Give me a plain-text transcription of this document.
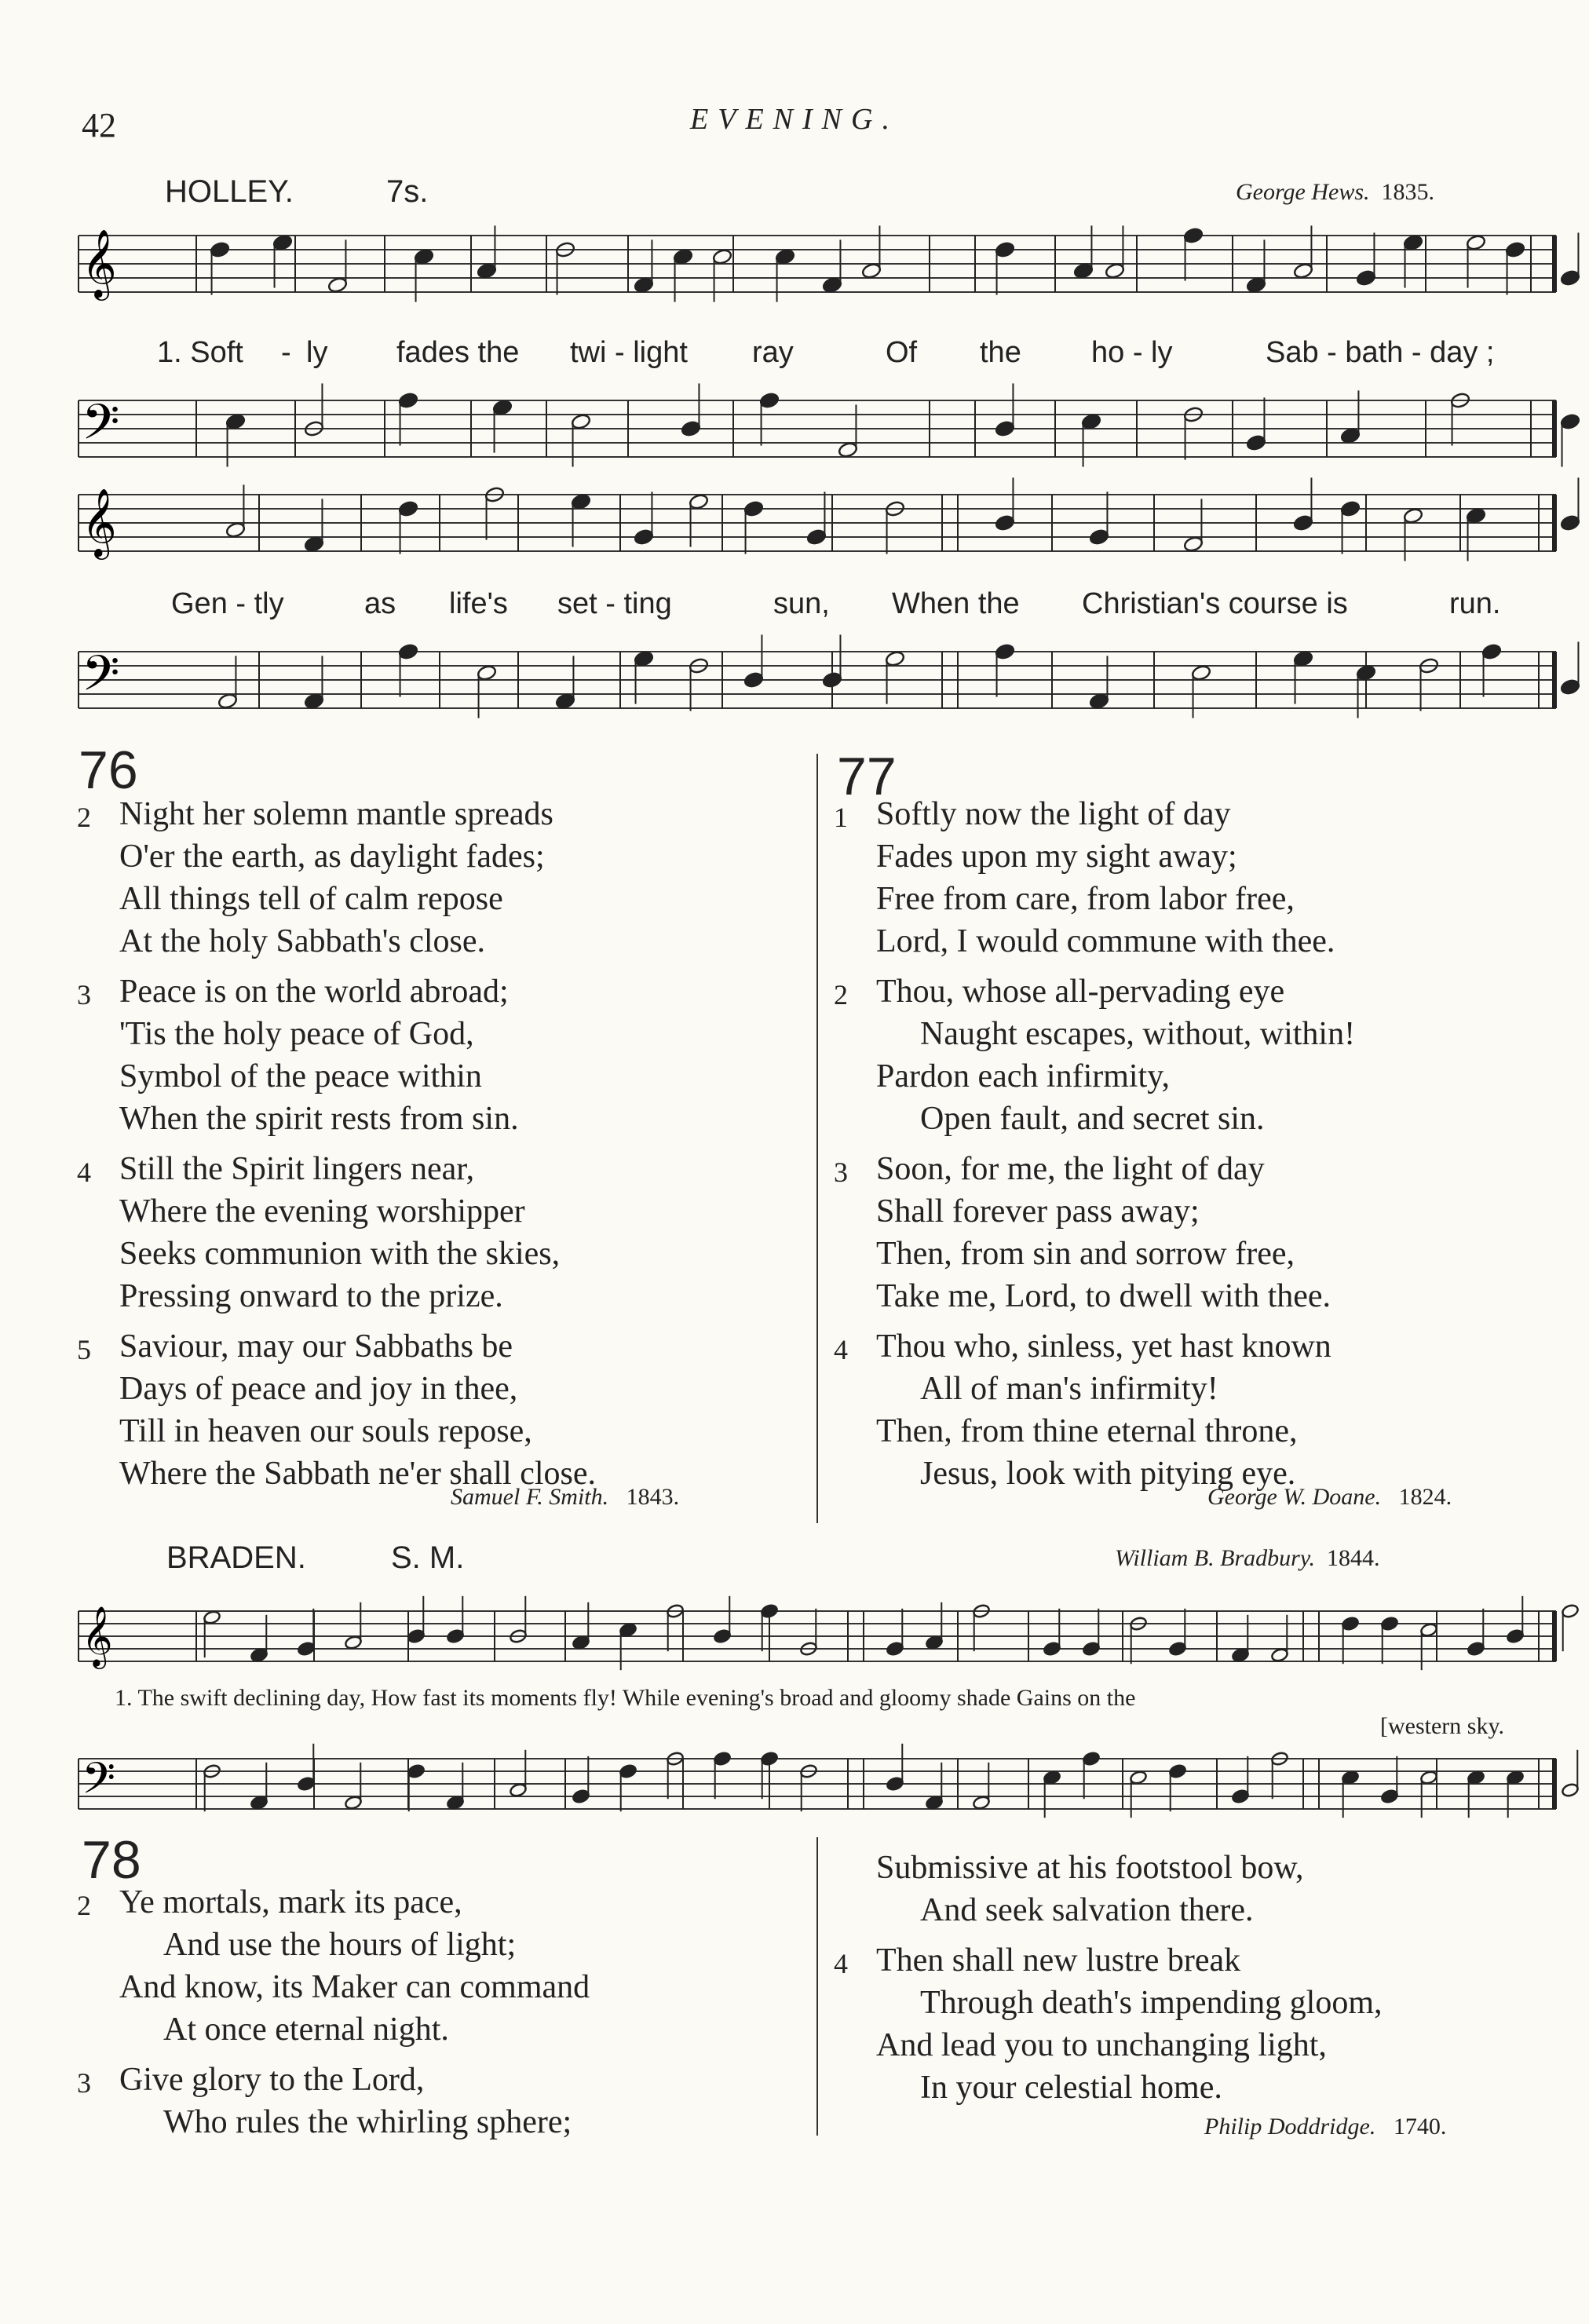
42	EVENING.
HOLLEY.	7s.	George Hews. 1835.
𝄞
𝄢
𝄞
𝄢
𝄞
𝄢
1. Soft - ly fades the twi - light ray	Of the ho - ly	Sab - bath - day ;
Gen - tly	as life's set - ting	sun, When the Christian's course is	run.
76
2 Night her solemn mantle spreads
O'er the earth, as daylight fades;
All things tell of calm repose
At the holy Sabbath's close.
3 Peace is on the world abroad;
'Tis the holy peace of God,
Symbol of the peace within
When the spirit rests from sin.
4 Still the Spirit lingers near,
Where the evening worshipper
Seeks communion with the skies,
Pressing onward to the prize.
5 Saviour, may our Sabbaths be
Days of peace and joy in thee,
Till in heaven our souls repose,
Where the Sabbath ne'er shall close.
Samuel F. Smith. 1843.
77
1 Softly now the light of day
Fades upon my sight away;
Free from care, from labor free,
Lord, I would commune with thee.
2 Thou, whose all-pervading eye
Naught escapes, without, within!
Pardon each infirmity,
Open fault, and secret sin.
3 Soon, for me, the light of day
Shall forever pass away;
Then, from sin and sorrow free,
Take me, Lord, to dwell with thee.
4 Thou who, sinless, yet hast known
All of man's infirmity!
Then, from thine eternal throne,
Jesus, look with pitying eye.
George W. Doane. 1824.
BRADEN.	S. M.	William B. Bradbury. 1844.
1. The swift declining day, How fast its moments fly! While evening's broad and gloomy shade Gains on the
[western sky.
78
2 Ye mortals, mark its pace,
And use the hours of light;
And know, its Maker can command
At once eternal night.
3 Give glory to the Lord,
Who rules the whirling sphere;
Submissive at his footstool bow,
And seek salvation there.
4 Then shall new lustre break
Through death's impending gloom,
And lead you to unchanging light,
In your celestial home.
Philip Doddridge. 1740.
